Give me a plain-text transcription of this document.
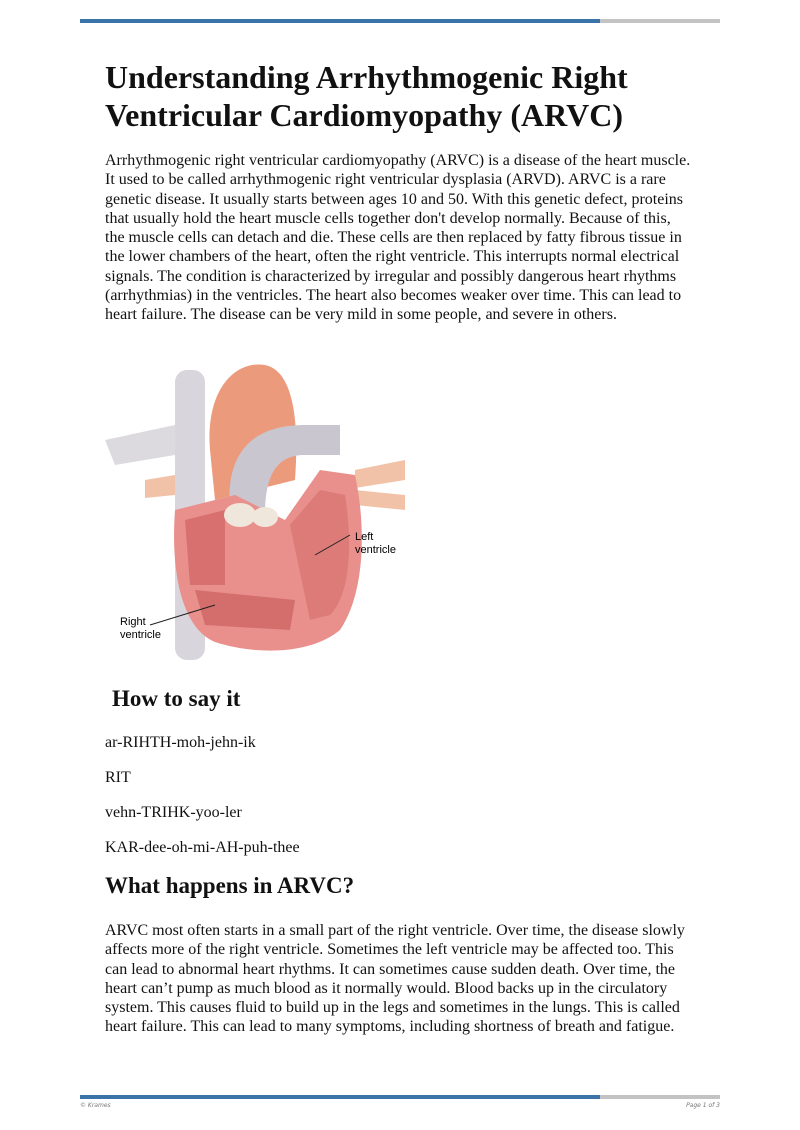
Understanding Arrhythmogenic Right Ventricular Cardiomyopathy (ARVC)
Arrhythmogenic right ventricular cardiomyopathy (ARVC) is a disease of the heart muscle.
It used to be called arrhythmogenic right ventricular dysplasia (ARVD). ARVC is a rare
genetic disease. It usually starts between ages 10 and 50. With this genetic defect, proteins
that usually hold the heart muscle cells together don't develop normally. Because of this,
the muscle cells can detach and die. These cells are then replaced by fatty fibrous tissue in
the lower chambers of the heart, often the right ventricle. This interrupts normal electrical
signals. The condition is characterized by irregular and possibly dangerous heart rhythms
(arrhythmias) in the ventricles. The heart also becomes weaker over time. This can lead to
heart failure. The disease can be very mild in some people, and severe in others.
Left
ventricle
Right
ventricle
How to say it
ar-RIHTH-moh-jehn-ik
RIT
vehn-TRIHK-yoo-ler
KAR-dee-oh-mi-AH-puh-thee
What happens in ARVC?
ARVC most often starts in a small part of the right ventricle. Over time, the disease slowly
affects more of the right ventricle. Sometimes the left ventricle may be affected too. This
can lead to abnormal heart rhythms. It can sometimes cause sudden death. Over time, the
heart can’t pump as much blood as it normally would. Blood backs up in the circulatory
system. This causes fluid to build up in the legs and sometimes in the lungs. This is called
heart failure. This can lead to many symptoms, including shortness of breath and fatigue.
© Krames	Page 1 of 3
